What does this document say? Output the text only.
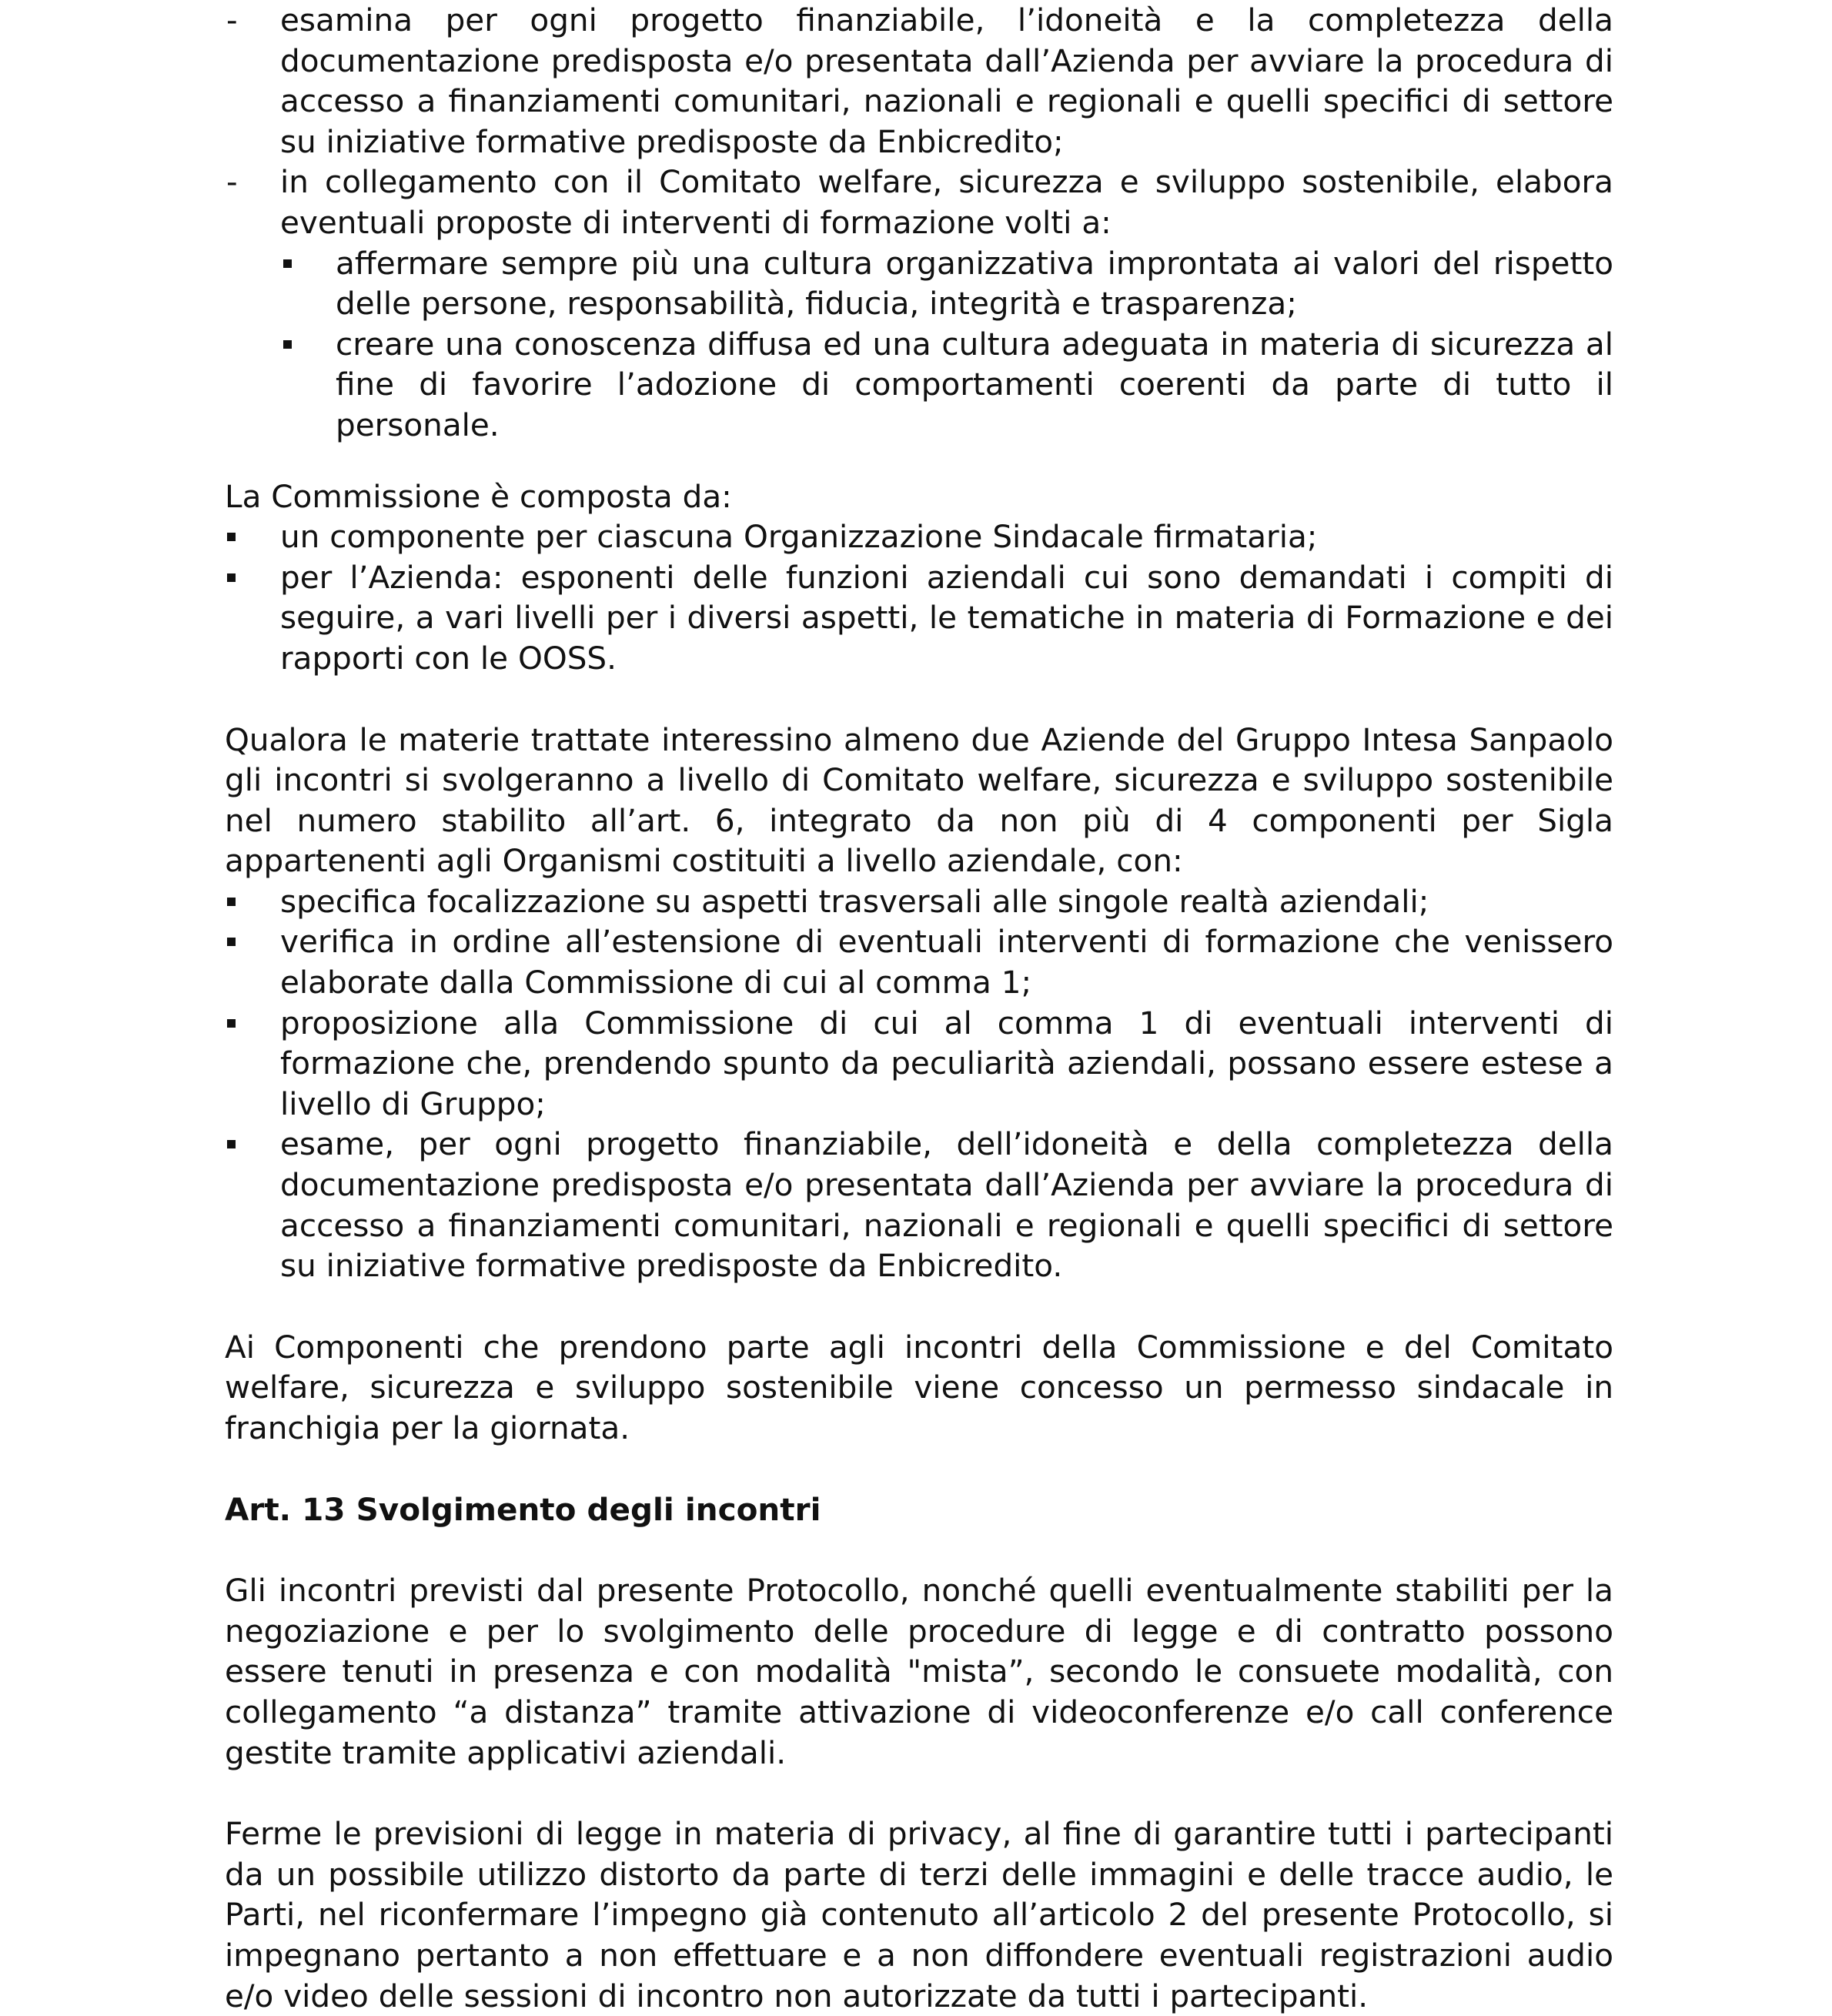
- esamina per ogni progetto finanziabile, l’idoneità e la completezza della documentazione predisposta e/o presentata dall’Azienda per avviare la procedura di accesso a finanziamenti comunitari, nazionali e regionali e quelli specifici di settore su iniziative formative predisposte da Enbicredito;
- in collegamento con il Comitato welfare, sicurezza e sviluppo sostenibile, elabora eventuali proposte di interventi di formazione volti a:
affermare sempre più una cultura organizzativa improntata ai valori del rispetto delle persone, responsabilità, fiducia, integrità e trasparenza;
creare una conoscenza diffusa ed una cultura adeguata in materia di sicurezza al fine di favorire l’adozione di comportamenti coerenti da parte di tutto il personale.

La Commissione è composta da:

un componente per ciascuna Organizzazione Sindacale firmataria;
per l’Azienda: esponenti delle funzioni aziendali cui sono demandati i compiti di seguire, a vari livelli per i diversi aspetti, le tematiche in materia di Formazione e dei rapporti con le OOSS.

Qualora le materie trattate interessino almeno due Aziende del Gruppo Intesa Sanpaolo gli incontri si svolgeranno a livello di Comitato welfare, sicurezza e sviluppo sostenibile nel numero stabilito all’art. 6, integrato da non più di 4 componenti per Sigla appartenenti agli Organismi costituiti a livello aziendale, con:

specifica focalizzazione su aspetti trasversali alle singole realtà aziendali;
verifica in ordine all’estensione di eventuali interventi di formazione che venissero elaborate dalla Commissione di cui al comma 1;
proposizione alla Commissione di cui al comma 1 di eventuali interventi di formazione che, prendendo spunto da peculiarità aziendali, possano essere estese a livello di Gruppo;
esame, per ogni progetto finanziabile, dell’idoneità e della completezza della documentazione predisposta e/o presentata dall’Azienda per avviare la procedura di accesso a finanziamenti comunitari, nazionali e regionali e quelli specifici di settore su iniziative formative predisposte da Enbicredito.

Ai Componenti che prendono parte agli incontri della Commissione e del Comitato welfare, sicurezza e sviluppo sostenibile viene concesso un permesso sindacale in franchigia per la giornata.

Art. 13 Svolgimento degli incontri

Gli incontri previsti dal presente Protocollo, nonché quelli eventualmente stabiliti per la negoziazione e per lo svolgimento delle procedure di legge e di contratto possono essere tenuti in presenza e con modalità "mista”, secondo le consuete modalità, con collegamento “a distanza” tramite attivazione di videoconferenze e/o call conference gestite tramite applicativi aziendali.

Ferme le previsioni di legge in materia di privacy, al fine di garantire tutti i partecipanti da un possibile utilizzo distorto da parte di terzi delle immagini e delle tracce audio, le Parti, nel riconfermare l’impegno già contenuto all’articolo 2 del presente Protocollo, si impegnano pertanto a non effettuare e a non diffondere eventuali registrazioni audio e/o video delle sessioni di incontro non autorizzate da tutti i partecipanti.
